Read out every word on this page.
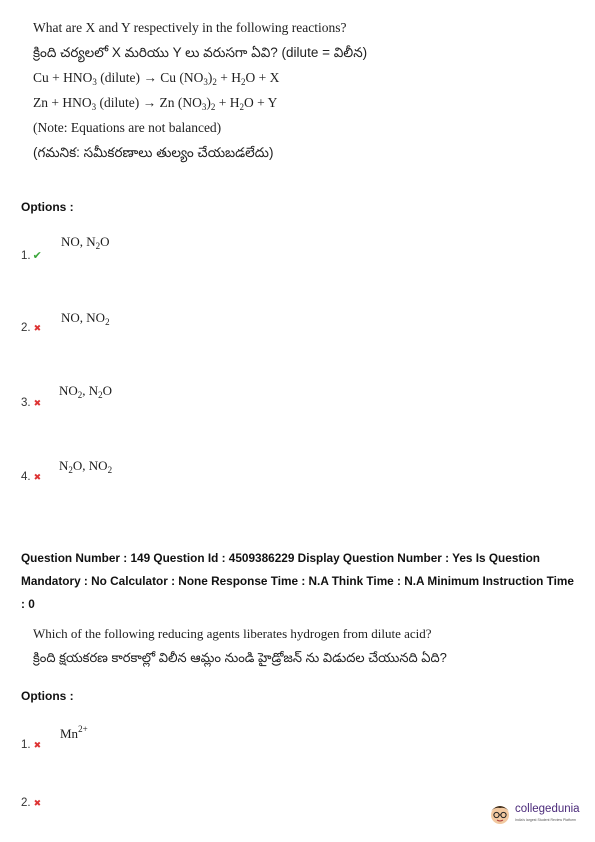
What are X and Y respectively in the following reactions?

క్రింది చర్యలలో X మరియు Y లు వరుసగా ఏవి? (dilute = విలీన)

$Cu + HNO_3$ (dilute) → Cu $(NO_3)_2 + H_2O + X$

$Zn + HNO_3$ (dilute) → Zn $(NO_3)_2 + H_2O + Y$

(Note: Equations are not balanced)

(గమనిక: సమీకరణాలు తుల్యం చేయబడలేదు)

Options :
NO, $N_2O$
1. ✔
NO, $NO_2$
2. ✖
$NO_2$, $N_2O$
3. ✖
$N_2O$, $NO_2$
4. ✖
Question Number : 149 Question Id : 4509386229 Display Question Number : Yes Is Question Mandatory : No Calculator : None Response Time : N.A Think Time : N.A Minimum Instruction Time : 0

Which of the following reducing agents liberates hydrogen from dilute acid?

క్రింది క్షయకరణ కారకాల్లో విలీన ఆమ్లం నుండి హైడ్రోజన్ ను విడుదల చేయునది ఏది?

Options :
$Mn^{2+}$
1. ✖
2. ✖	collegedunia
India's largest Student Review Platform
